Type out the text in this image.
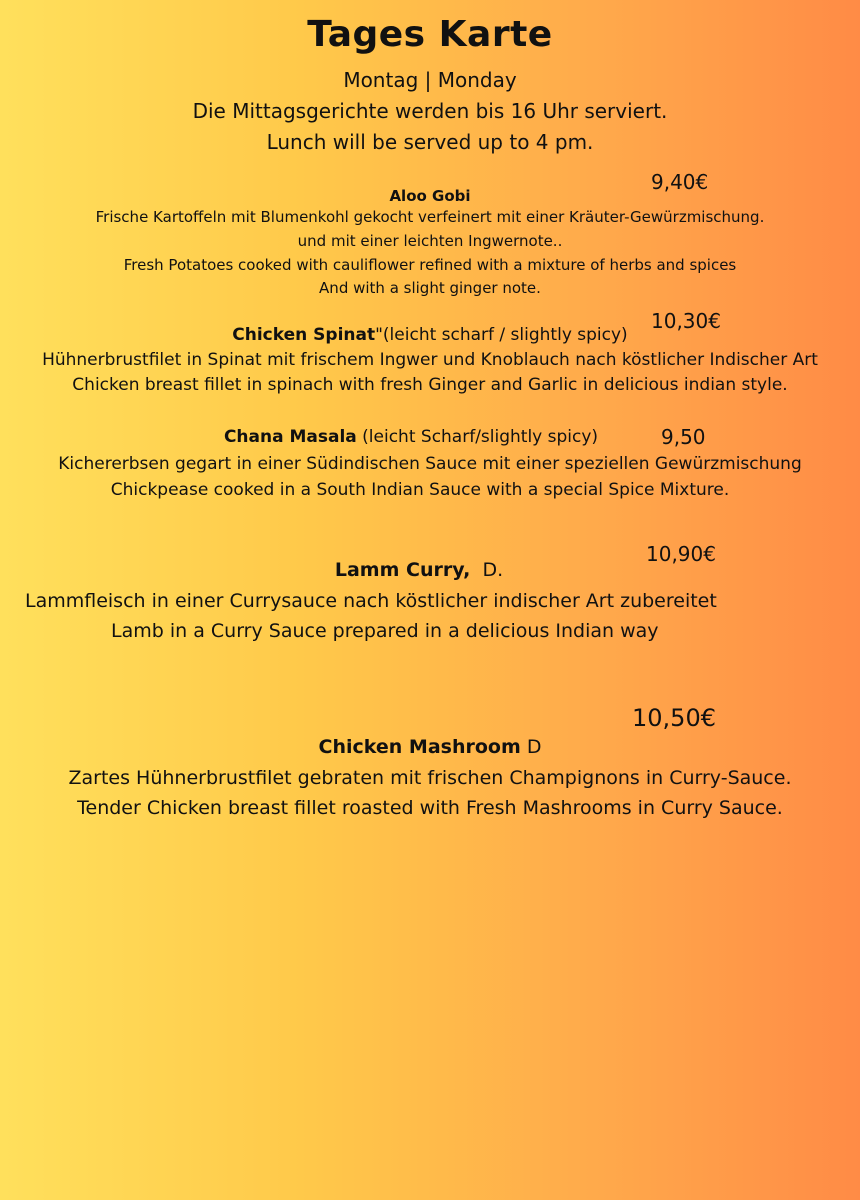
Tages Karte
Montag | Monday
Die Mittagsgerichte werden bis 16 Uhr serviert.
Lunch will be served up to 4 pm.
9,40€
Aloo Gobi
Frische Kartoffeln mit Blumenkohl gekocht verfeinert mit einer Kräuter-Gewürzmischung.
und mit einer leichten Ingwernote..
Fresh Potatoes cooked with cauliflower refined with a mixture of herbs and spices
And with a slight ginger note.
10,30€
Chicken Spinat"(leicht scharf / slightly spicy)
Hühnerbrustfilet in Spinat mit frischem Ingwer und Knoblauch nach köstlicher Indischer Art
Chicken breast fillet in spinach with fresh Ginger and Garlic in delicious indian style.
Chana Masala (leicht Scharf/slightly spicy)	9,50
Kichererbsen gegart in einer Südindischen Sauce mit einer speziellen Gewürzmischung
Chickpease cooked in a South Indian Sauce with a special Spice Mixture.
10,90€
Lamm Curry,  D.
Lammfleisch in einer Currysauce nach köstlicher indischer Art zubereitet
Lamb in a Curry Sauce prepared in a delicious Indian way
10,50€
Chicken Mashroom D
Zartes Hühnerbrustfilet gebraten mit frischen Champignons in Curry-Sauce.
Tender Chicken breast fillet roasted with Fresh Mashrooms in Curry Sauce.
